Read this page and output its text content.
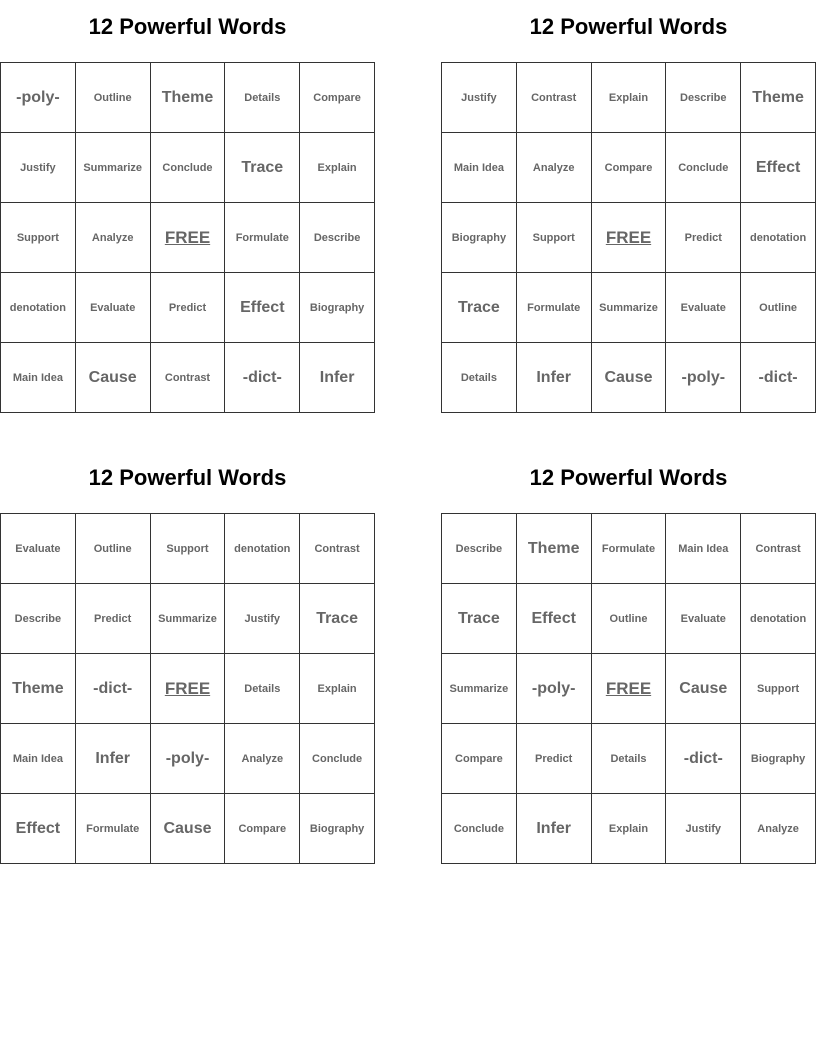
12 Powerful Words
-poly-	Outline	Theme	Details	Compare
Justify	Summarize	Conclude	Trace	Explain
Support	Analyze	FREE	Formulate	Describe
denotation	Evaluate	Predict	Effect	Biography
Main Idea	Cause	Contrast	-dict-	Infer
12 Powerful Words
Justify	Contrast	Explain	Describe	Theme
Main Idea	Analyze	Compare	Conclude	Effect
Biography	Support	FREE	Predict	denotation
Trace	Formulate	Summarize	Evaluate	Outline
Details	Infer	Cause	-poly-	-dict-
12 Powerful Words
Evaluate	Outline	Support	denotation	Contrast
Describe	Predict	Summarize	Justify	Trace
Theme	-dict-	FREE	Details	Explain
Main Idea	Infer	-poly-	Analyze	Conclude
Effect	Formulate	Cause	Compare	Biography
12 Powerful Words
Describe	Theme	Formulate	Main Idea	Contrast
Trace	Effect	Outline	Evaluate	denotation
Summarize	-poly-	FREE	Cause	Support
Compare	Predict	Details	-dict-	Biography
Conclude	Infer	Explain	Justify	Analyze
